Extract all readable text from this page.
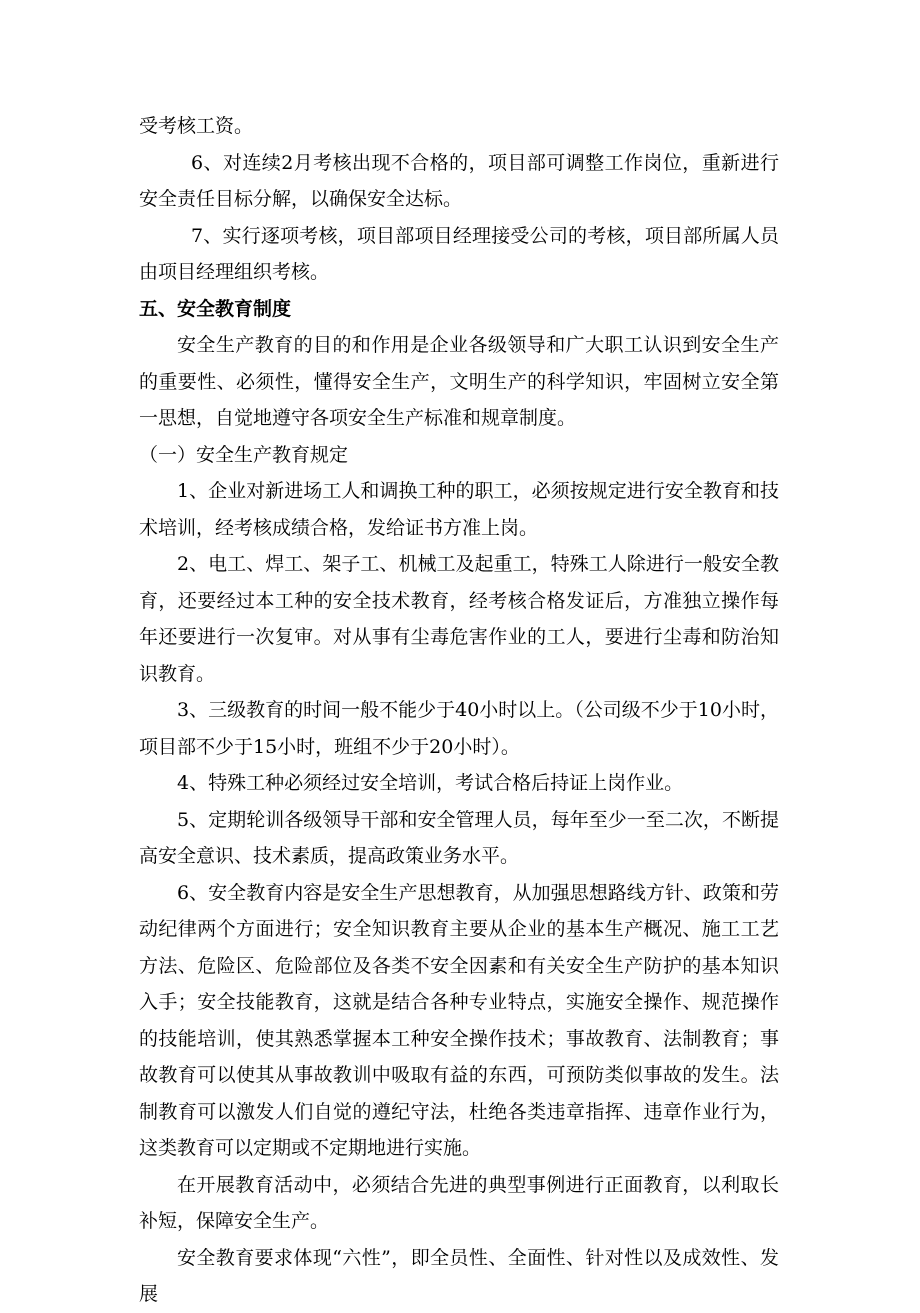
受考核工资。

6、对连续2月考核出现不合格的，项目部可调整工作岗位，重新进行安全责任目标分解，以确保安全达标。

7、实行逐项考核，项目部项目经理接受公司的考核，项目部所属人员由项目经理组织考核。

五、安全教育制度

安全生产教育的目的和作用是企业各级领导和广大职工认识到安全生产的重要性、必须性，懂得安全生产，文明生产的科学知识，牢固树立安全第一思想，自觉地遵守各项安全生产标准和规章制度。

（一）安全生产教育规定

1、企业对新进场工人和调换工种的职工，必须按规定进行安全教育和技术培训，经考核成绩合格，发给证书方准上岗。

2、电工、焊工、架子工、机械工及起重工，特殊工人除进行一般安全教育，还要经过本工种的安全技术教育，经考核合格发证后，方准独立操作每年还要进行一次复审。对从事有尘毒危害作业的工人，要进行尘毒和防治知识教育。

3、三级教育的时间一般不能少于40小时以上。（公司级不少于10小时，项目部不少于15小时，班组不少于20小时）。

4、特殊工种必须经过安全培训，考试合格后持证上岗作业。

5、定期轮训各级领导干部和安全管理人员，每年至少一至二次，不断提高安全意识、技术素质，提高政策业务水平。

6、安全教育内容是安全生产思想教育，从加强思想路线方针、政策和劳动纪律两个方面进行；安全知识教育主要从企业的基本生产概况、施工工艺方法、危险区、危险部位及各类不安全因素和有关安全生产防护的基本知识入手；安全技能教育，这就是结合各种专业特点，实施安全操作、规范操作的技能培训，使其熟悉掌握本工种安全操作技术；事故教育、法制教育；事故教育可以使其从事故教训中吸取有益的东西，可预防类似事故的发生。法制教育可以激发人们自觉的遵纪守法，杜绝各类违章指挥、违章作业行为，这类教育可以定期或不定期地进行实施。

在开展教育活动中，必须结合先进的典型事例进行正面教育，以利取长补短，保障安全生产。

安全教育要求体现“六性”，即全员性、全面性、针对性以及成效性、发展
